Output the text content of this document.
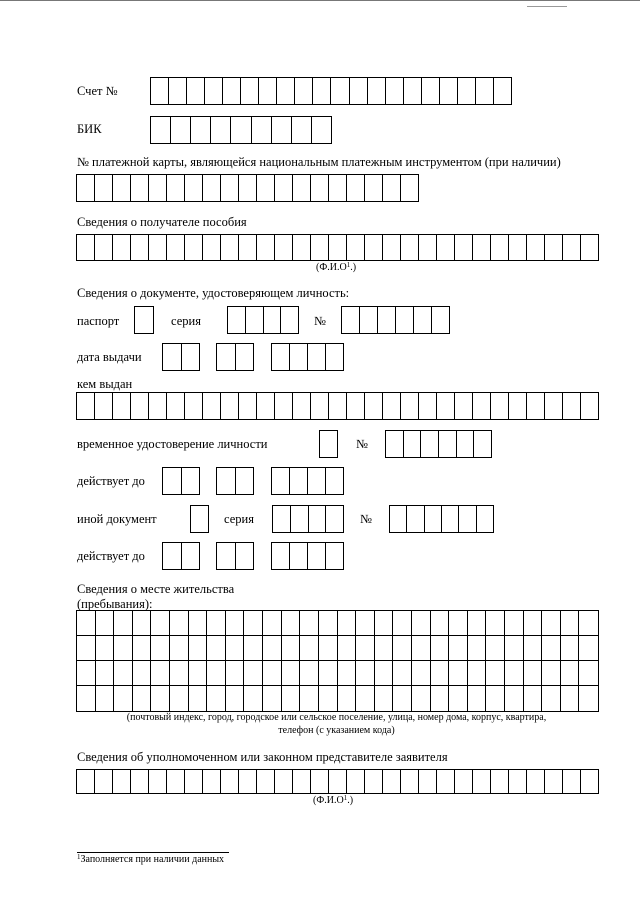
Счет №
БИК
№ платежной карты, являющейся национальным платежным инструментом (при наличии)
Сведения о получателе пособия
$(Ф.И.О^1.)$
Сведения о документе, удостоверяющем личность:
паспорт	серия	№
дата выдачи
кем выдан
временное удостоверение личности	№
действует до
иной документ	серия	№
действует до
Сведения о месте жительства
(пребывания):
(почтовый индекс, город, городское или сельское поселение, улица, номер дома, корпус, квартира,
телефон (с указанием кода)
Сведения об уполномоченном или законном представителе заявителя
$(Ф.И.О^1.)$
$^1$Заполняется при наличии данных
